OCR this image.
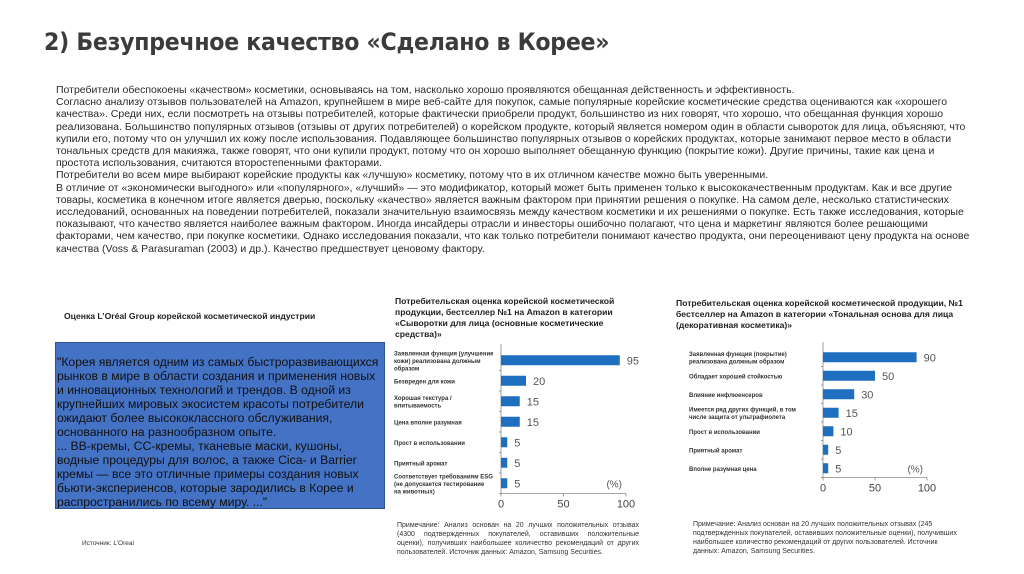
2) Безупречное качество «Сделано в Корее»

Потребители обеспокоены «качеством» косметики, основываясь на том, насколько хорошо проявляются обещанная действенность и эффективность.

Согласно анализу отзывов пользователей на Amazon, крупнейшем в мире веб-сайте для покупок, самые популярные корейские косметические средства оцениваются как «хорошего качества». Среди них, если посмотреть на отзывы потребителей, которые фактически приобрели продукт, большинство из них говорят, что хорошо, что обещанная функция хорошо реализована. Большинство популярных отзывов (отзывы от других потребителей) о корейском продукте, который является номером один в области сывороток для лица, объясняют, что купили его, потому что он улучшил их кожу после использования. Подавляющее большинство популярных отзывов о корейских продуктах, которые занимают первое место в области тональных средств для макияжа, также говорят, что они купили продукт, потому что он хорошо выполняет обещанную функцию (покрытие кожи). Другие причины, такие как цена и простота использования, считаются второстепенными факторами.

Потребители во всем мире выбирают корейские продукты как «лучшую» косметику, потому что в их отличном качестве можно быть уверенными.

В отличие от «экономически выгодного» или «популярного», «лучший» — это модификатор, который может быть применен только к высококачественным продуктам. Как и все другие товары, косметика в конечном итоге является дверью, поскольку «качество» является важным фактором при принятии решения о покупке. На самом деле, несколько статистических исследований, основанных на поведении потребителей, показали значительную взаимосвязь между качеством косметики и их решениями о покупке. Есть также исследования, которые показывают, что качество является наиболее важным фактором. Иногда инсайдеры отрасли и инвесторы ошибочно полагают, что цена и маркетинг являются более решающими факторами, чем качество, при покупке косметики. Однако исследования показали, что как только потребители понимают качество продукта, они переоценивают цену продукта на основе качества (Voss & Parasuraman (2003) и др.). Качество предшествует ценовому фактору.

Оценка L’Oréal Group корейской косметической индустрии

"Корея является одним из самых быстроразвивающихся рынков в мире в области создания и применения новых и инновационных технологий и трендов. В одной из крупнейших мировых экосистем красоты потребители ожидают более высококлассного обслуживания, основанного на разнообразном опыте.

... BB-кремы, CC-кремы, тканевые маски, кушоны, водные процедуры для волос, а также Cica- и Barrier кремы — все это отличные примеры создания новых бьюти-экспериенсов, которые зародились в Корее и распространились по всему миру. ..."

Источник: L’Oreal
Потребительская оценка корейской косметической продукции, бестселлер №1 на Amazon в категории «Сыворотки для лица (основные косметические средства)»
0	50	100
95
Заявленная функция (улучшение
кожи) реализована должным
образом
20
Безвреден для кожи
15
Хорошая текстура /
впитываемость
15
Цена вполне разумная
5
Прост в использовании
5
Приятный аромат
5
Соответствует требованиям ESG
(не допускается тестирование
на животных)
(%)
Примечание: Анализ основан на 20 лучших положительных отзывах (4300 подтвержденных покупателей, оставивших положительные оценки), получивших наибольшее количество рекомендаций от других пользователей. Источник данных: Amazon, Samsung Securities.
Потребительская оценка корейской косметической продукции, №1 бестселлер на Amazon в категории «Тональная основа для лица (декоративная косметика)»
0	50	100
90
Заявленная функция (покрытие)
реализована должным образом
50
Обладает хорошей стойкостью
30
Влияние инфлюенсеров
15
Имеется ряд других функций, в том
числе защита от ультрафиолета
10
Прост в использовании
5
Приятный аромат
5
Вполне разумная цена	(%)
Примечание: Анализ основан на 20 лучших положительных отзывах (245 подтвержденных покупателей, оставивших положительные оценки), получивших наибольшее количество рекомендаций от других пользователей. Источник данных: Amazon, Samsung Securities.
